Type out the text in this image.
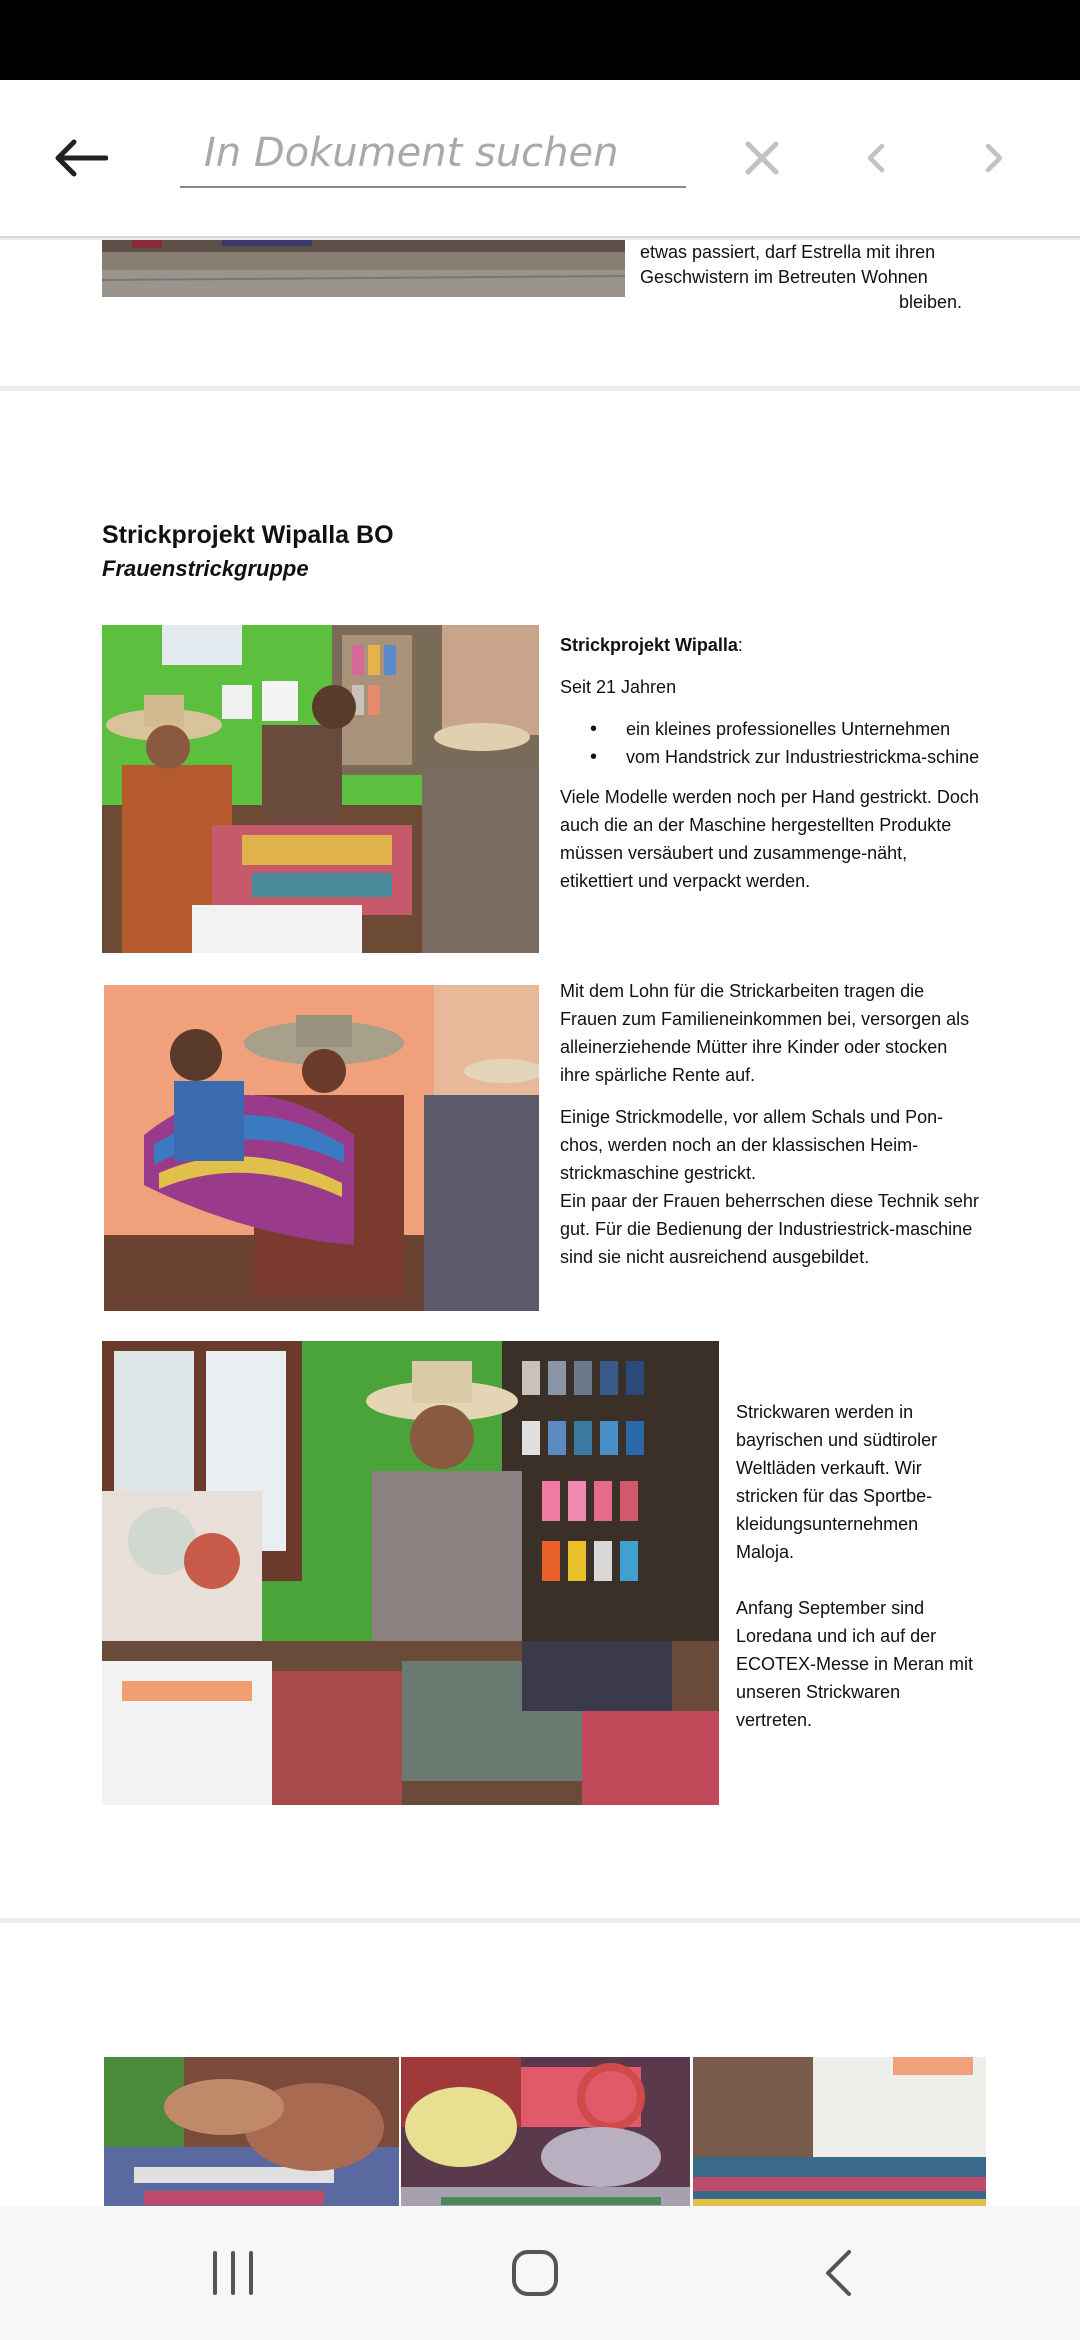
In Dokument suchen
etwas passiert, darf Estrella mit ihren
Geschwistern im Betreuten Wohnen
bleiben.
Strickprojekt Wipalla BO
Frauenstrickgruppe

Strickprojekt Wipalla:

Seit 21 Jahren

• ein kleines professionelles Unternehmen
• vom Handstrick zur Industriestrickma-schine

Viele Modelle werden noch per Hand gestrickt. Doch auch die an der Maschine hergestellten Produkte müssen versäubert und zusammenge-näht, etikettiert und verpackt werden.

Mit dem Lohn für die Strickarbeiten tragen die Frauen zum Familieneinkommen bei, versorgen als alleinerziehende Mütter ihre Kinder oder stocken ihre spärliche Rente auf.

Einige Strickmodelle, vor allem Schals und Pon-chos, werden noch an der klassischen Heim-strickmaschine gestrickt.

Ein paar der Frauen beherrschen diese Technik sehr gut. Für die Bedienung der Industriestrick-maschine sind sie nicht ausreichend ausgebildet.

Strickwaren werden in bayrischen und südtiroler Weltläden verkauft. Wir stricken für das Sportbe-kleidungsunternehmen Maloja.

Anfang September sind Loredana und ich auf der ECOTEX-Messe in Meran mit unseren Strickwaren vertreten.
